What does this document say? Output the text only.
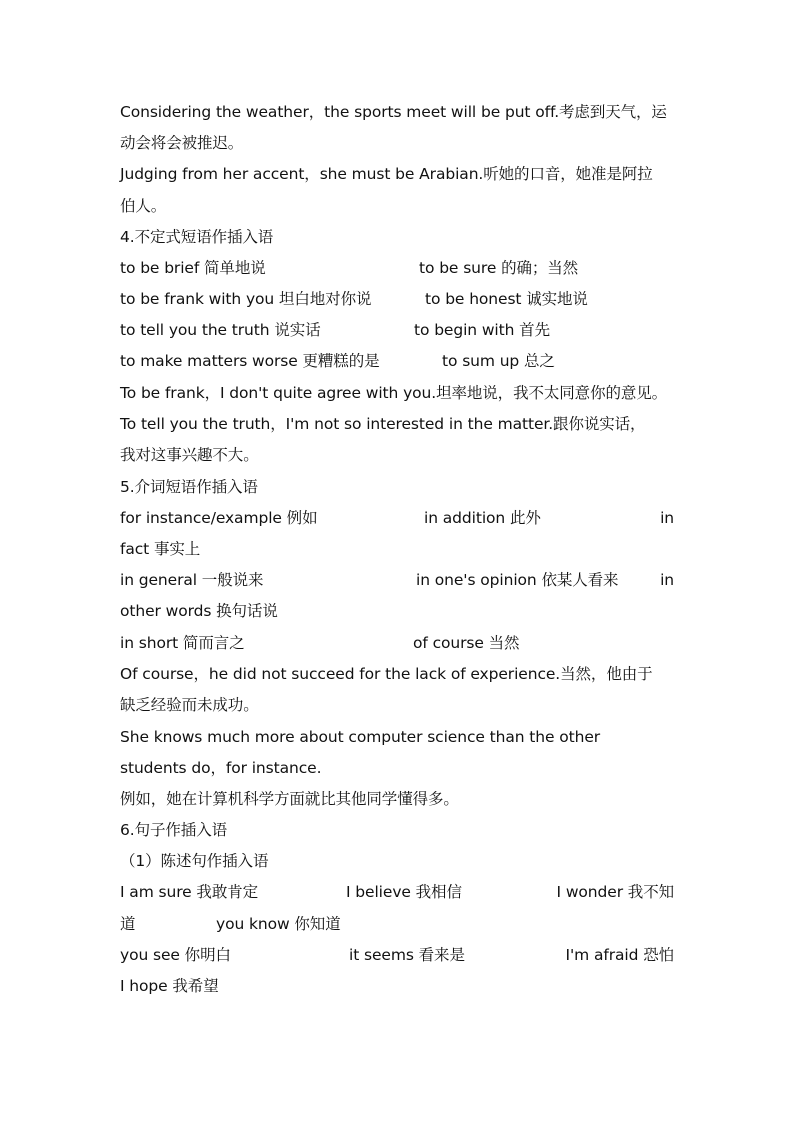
Considering the weather，the sports meet will be put off.考虑到天气，运
动会将会被推迟。
Judging from her accent，she must be Arabian.听她的口音，她准是阿拉
伯人。
4.不定式短语作插入语
to be brief 简单地说	to be sure 的确；当然
to be frank with you 坦白地对你说	to be honest 诚实地说
to tell you the truth 说实话	to begin with 首先
to make matters worse 更糟糕的是	to sum up 总之
To be frank，I don't quite agree with you.坦率地说，我不太同意你的意见。
To tell you the truth，I'm not so interested in the matter.跟你说实话，
我对这事兴趣不大。
5.介词短语作插入语
for instance/example 例如	in addition 此外	in
fact 事实上
in general 一般说来	in one's opinion 依某人看来	in
other words 换句话说
in short 简而言之	of course 当然
Of course，he did not succeed for the lack of experience.当然，他由于
缺乏经验而未成功。
She knows much more about computer science than the other
students do，for instance.
例如，她在计算机科学方面就比其他同学懂得多。
6.句子作插入语
（1）陈述句作插入语
I am sure 我敢肯定	I believe 我相信	I wonder 我不知
道	you know 你知道
you see 你明白	it seems 看来是	I'm afraid 恐怕
I hope 我希望
